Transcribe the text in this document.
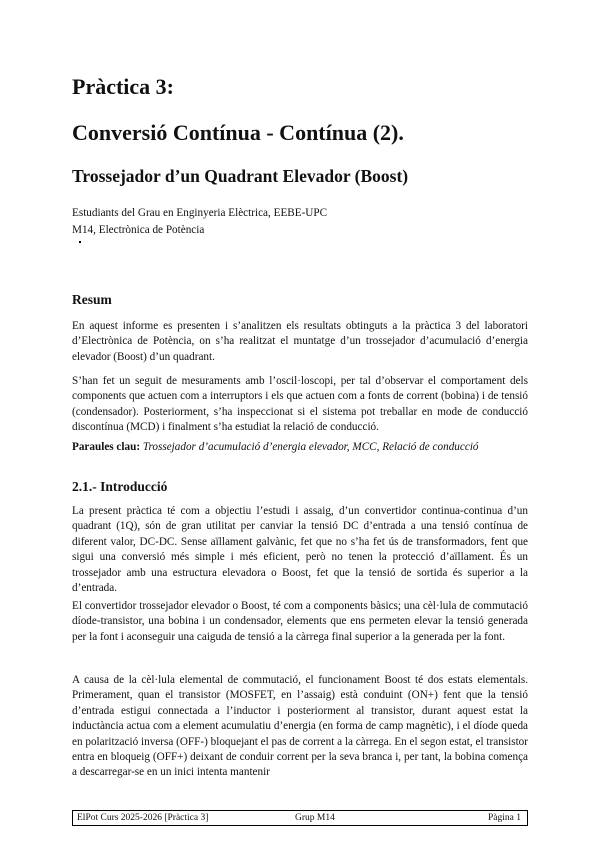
Pràctica 3:
Conversió Contínua - Contínua (2).
Trossejador d’un Quadrant Elevador (Boost)

Estudiants del Grau en Enginyeria Elèctrica, EEBE-UPC

M14, Electrònica de Potència

Resum

En aquest informe es presenten i s’analitzen els resultats obtinguts a la pràctica 3 del laboratori d’Electrònica de Potència, on s’ha realitzat el muntatge d’un trossejador d’acumulació d’energia elevador (Boost) d’un quadrant.

S’han fet un seguit de mesuraments amb l’oscil·loscopi, per tal d’observar el comportament dels components que actuen com a interruptors i els que actuen com a fonts de corrent (bobina) i de tensió (condensador). Posteriorment, s’ha inspeccionat si el sistema pot treballar en mode de conducció discontínua (MCD) i finalment s’ha estudiat la relació de conducció.

Paraules clau: Trossejador d’acumulació d’energia elevador, MCC, Relació de conducció

2.1.- Introducció

La present pràctica té com a objectiu l’estudi i assaig, d’un convertidor continua-continua d’un quadrant (1Q), són de gran utilitat per canviar la tensió DC d’entrada a una tensió contínua de diferent valor, DC-DC. Sense aïllament galvànic, fet que no s’ha fet ús de transformadors, fent que sigui una conversió més simple i més eficient, però no tenen la protecció d’aïllament. És un trossejador amb una estructura elevadora o Boost, fet que la tensió de sortida és superior a la d’entrada.

El convertidor trossejador elevador o Boost, té com a components bàsics; una cèl·lula de commutació díode-transistor, una bobina i un condensador, elements que ens permeten elevar la tensió generada per la font i aconseguir una caiguda de tensió a la càrrega final superior a la generada per la font.

A causa de la cèl·lula elemental de commutació, el funcionament Boost té dos estats elementals. Primerament, quan el transistor (MOSFET, en l’assaig) està conduint (ON+) fent que la tensió d’entrada estigui connectada a l’inductor i posteriorment al transistor, durant aquest estat la inductància actua com a element acumulatiu d’energia (en forma de camp magnètic), i el díode queda en polarització inversa (OFF-) bloquejant el pas de corrent a la càrrega. En el segon estat, el transistor entra en bloqueig (OFF+) deixant de conduir corrent per la seva branca i, per tant, la bobina comença a descarregar-se en un inici intenta mantenir

ElPot Curs 2025-2026 [Pràctica 3]	Grup M14	Pàgina 1
